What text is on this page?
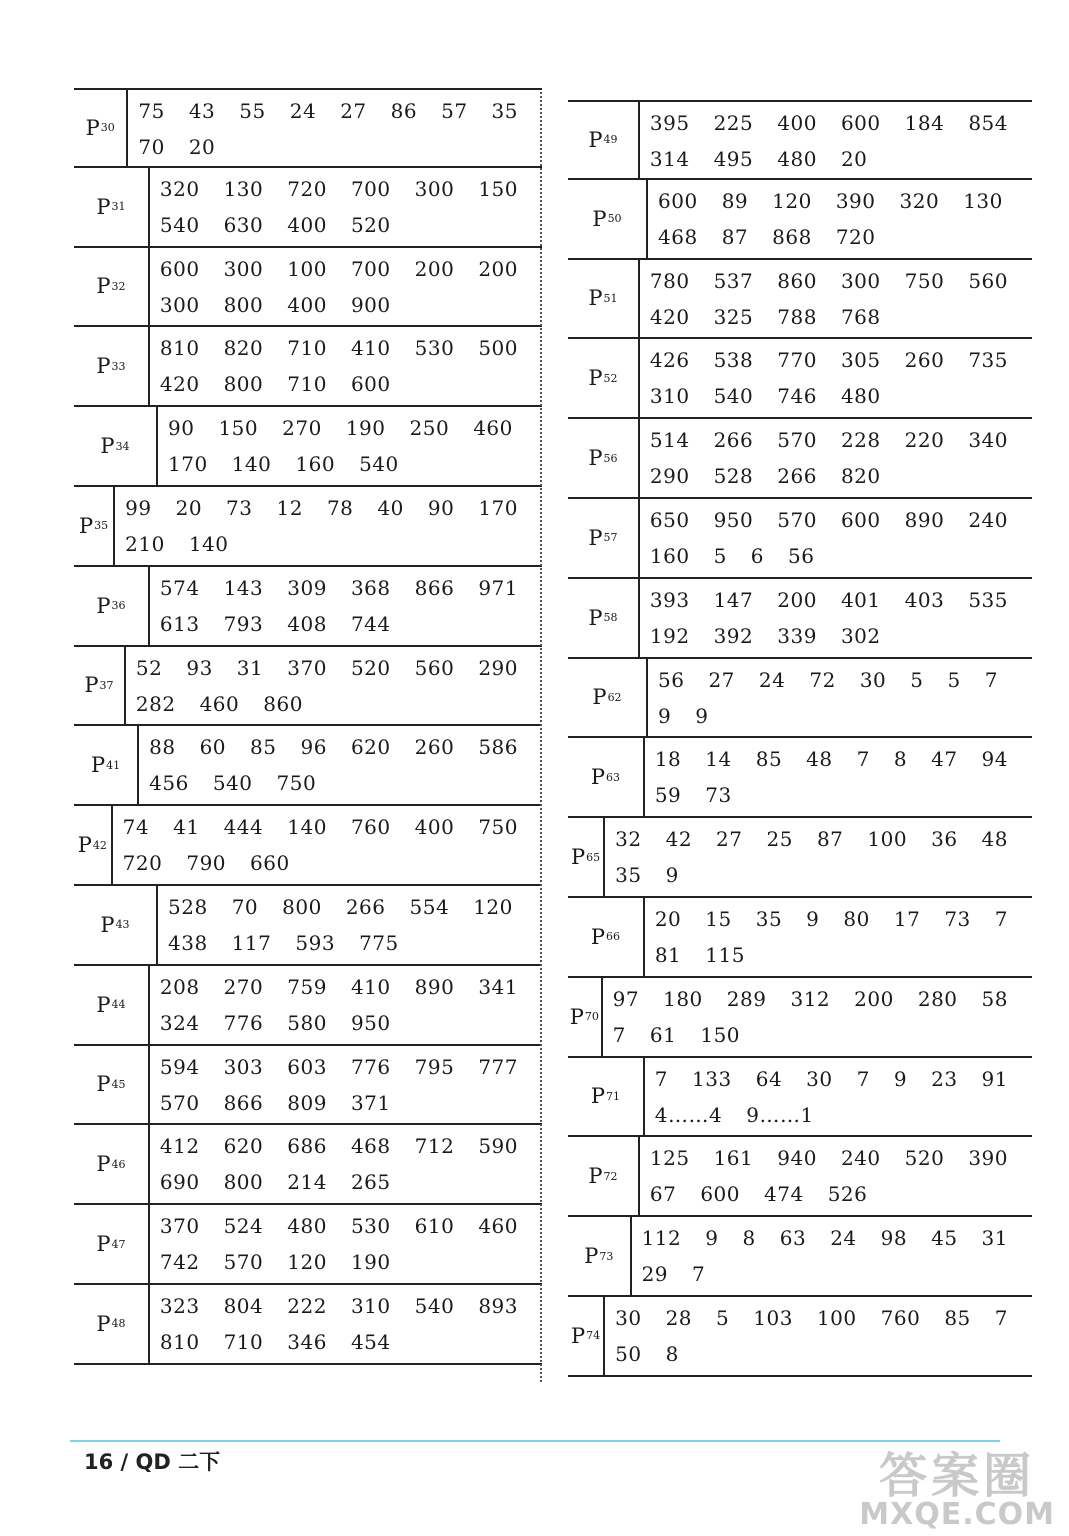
P 30
75 43 55 24 27 86 57 35
70 20
P 31
320 130 720 700 300 150
540 630 400 520
P 32
600 300 100 700 200 200
300 800 400 900
P 33
810 820 710 410 530 500
420 800 710 600
P 34
90 150 270 190 250 460
170 140 160 540
P 35
99 20 73 12 78 40 90 170
210 140
P 36
574 143 309 368 866 971
613 793 408 744
P 37
52 93 31 370 520 560 290
282 460 860
P 41
88 60 85 96 620 260 586
456 540 750
P 42
74 41 444 140 760 400 750
720 790 660
P 43
528 70 800 266 554 120
438 117 593 775
P 44
208 270 759 410 890 341
324 776 580 950
P 45
594 303 603 776 795 777
570 866 809 371
P 46
412 620 686 468 712 590
690 800 214 265
P 47
370 524 480 530 610 460
742 570 120 190
P 48
323 804 222 310 540 893
810 710 346 454
P 49
395 225 400 600 184 854
314 495 480 20
P 50
600 89 120 390 320 130
468 87 868 720
P 51
780 537 860 300 750 560
420 325 788 768
P 52
426 538 770 305 260 735
310 540 746 480
P 56
514 266 570 228 220 340
290 528 266 820
P 57
650 950 570 600 890 240
160 5 6 56
P 58
393 147 200 401 403 535
192 392 339 302
P 62
56 27 24 72 30 5 5 7
9 9
P 63
18 14 85 48 7 8 47 94
59 73
P 65
32 42 27 25 87 100 36 48
35 9
P 66
20 15 35 9 80 17 73 7
81 115
P 70
97 180 289 312 200 280 58
7 61 150
P 71
7 133 64 30 7 9 23 91
4……4 9……1
P 72
125 161 940 240 520 390
67 600 474 526
P 73
112 9 8 63 24 98 45 31
29 7
P 74
30 28 5 103 100 760 85 7
50 8
16 / QD 二下	答案圈
MXQE.COM
